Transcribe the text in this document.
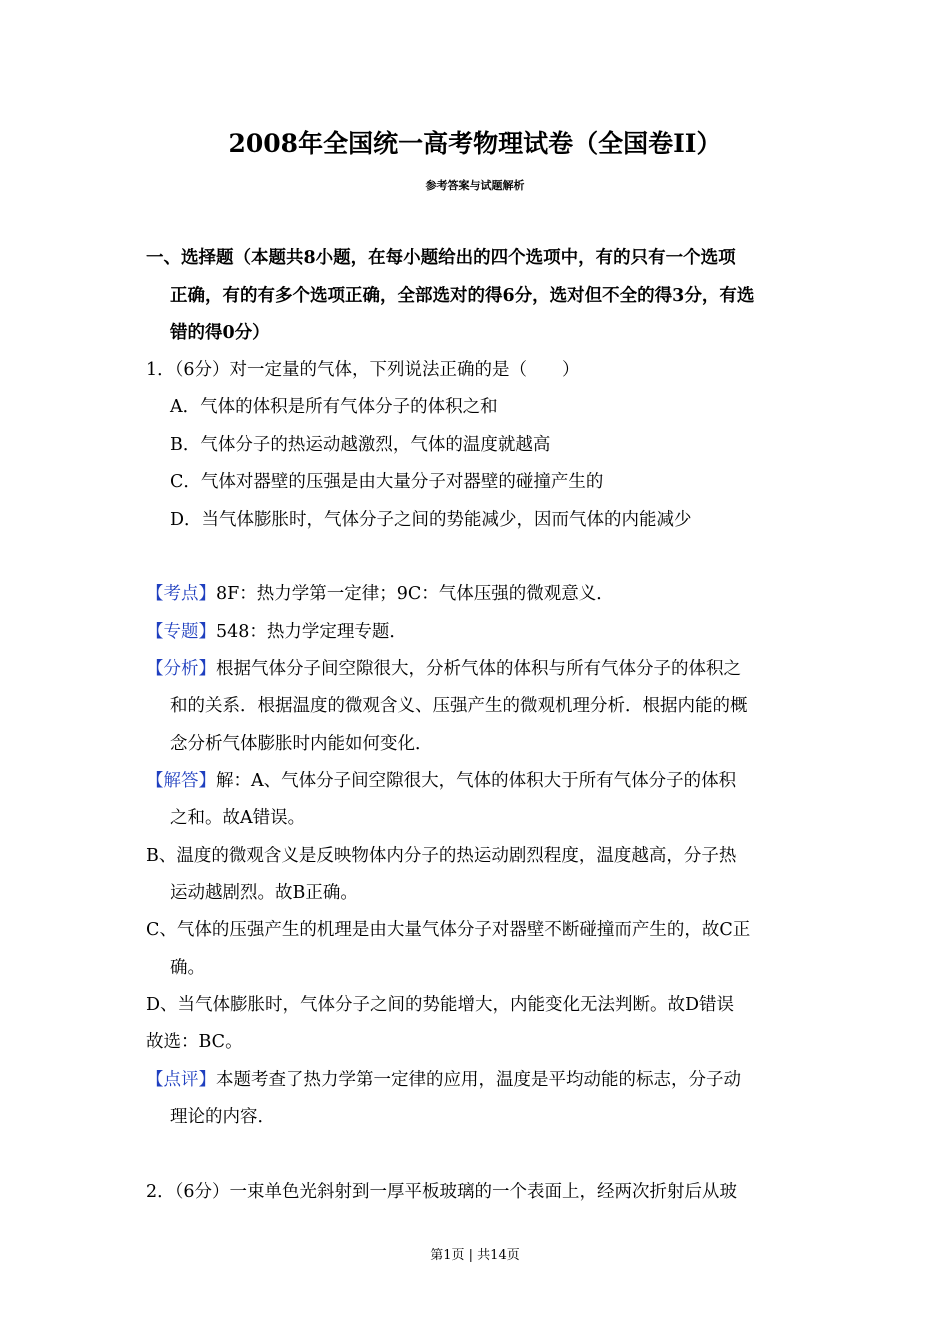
2008年全国统一高考物理试卷（全国卷II）
参考答案与试题解析
一、选择题（本题共8小题，在每小题给出的四个选项中，有的只有一个选项
正确，有的有多个选项正确，全部选对的得6分，选对但不全的得3分，有选
错的得0分）
1．（6分）对一定量的气体，下列说法正确的是（　　）
A．气体的体积是所有气体分子的体积之和
B．气体分子的热运动越激烈，气体的温度就越高
C．气体对器壁的压强是由大量分子对器壁的碰撞产生的
D．当气体膨胀时，气体分子之间的势能减少，因而气体的内能减少
【考点】8F：热力学第一定律；9C：气体压强的微观意义．
【专题】548：热力学定理专题．
【分析】根据气体分子间空隙很大，分析气体的体积与所有气体分子的体积之
和的关系．根据温度的微观含义、压强产生的微观机理分析．根据内能的概
念分析气体膨胀时内能如何变化．
【解答】解：A、气体分子间空隙很大，气体的体积大于所有气体分子的体积
之和。故A错误。
B、温度的微观含义是反映物体内分子的热运动剧烈程度，温度越高，分子热
运动越剧烈。故B正确。
C、气体的压强产生的机理是由大量气体分子对器壁不断碰撞而产生的，故C正
确。
D、当气体膨胀时，气体分子之间的势能增大，内能变化无法判断。故D错误
故选：BC。
【点评】本题考查了热力学第一定律的应用，温度是平均动能的标志，分子动
理论的内容．
2．（6分）一束单色光斜射到一厚平板玻璃的一个表面上，经两次折射后从玻
第1页 | 共14页
